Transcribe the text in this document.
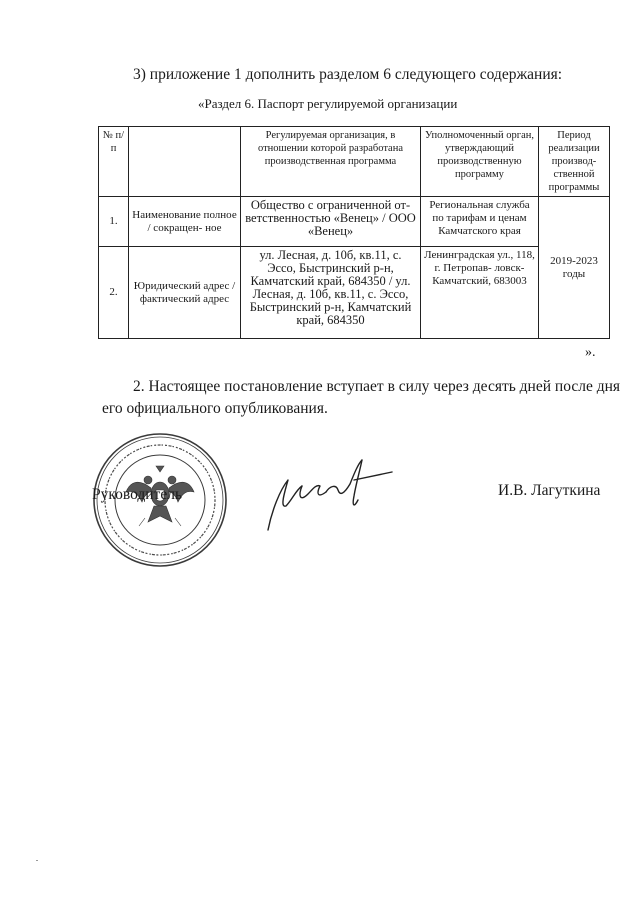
3) приложение 1 дополнить разделом 6 следующего содержания:
«Раздел 6. Паспорт регулируемой организации
№ п/п		Регулируемая организация, в отношении которой разработана производственная программа	Уполномоченный орган, утверждающий производственную программу	Период реализации производ- ственной программы
1.	Наименование полное / сокращен- ное	Общество с ограниченной от- ветственностью «Венец» / ООО «Венец»	Региональная служба по тарифам и ценам Камчатского края	2019-2023 годы
2.	Юридический адрес / фактический адрес	ул. Лесная, д. 10б, кв.11, с. Эссо, Быстринский р-н, Камчатский край, 684350 / ул. Лесная, д. 10б, кв.11, с. Эссо, Быстринский р-н, Камчатский край, 684350	Ленинградская ул., 118, г. Петропав- ловск-Камчатский, 683003	
».
2. Настоящее постановление вступает в силу через десять дней после дня его официального опубликования.
Руководитель	И.В. Лагуткина
